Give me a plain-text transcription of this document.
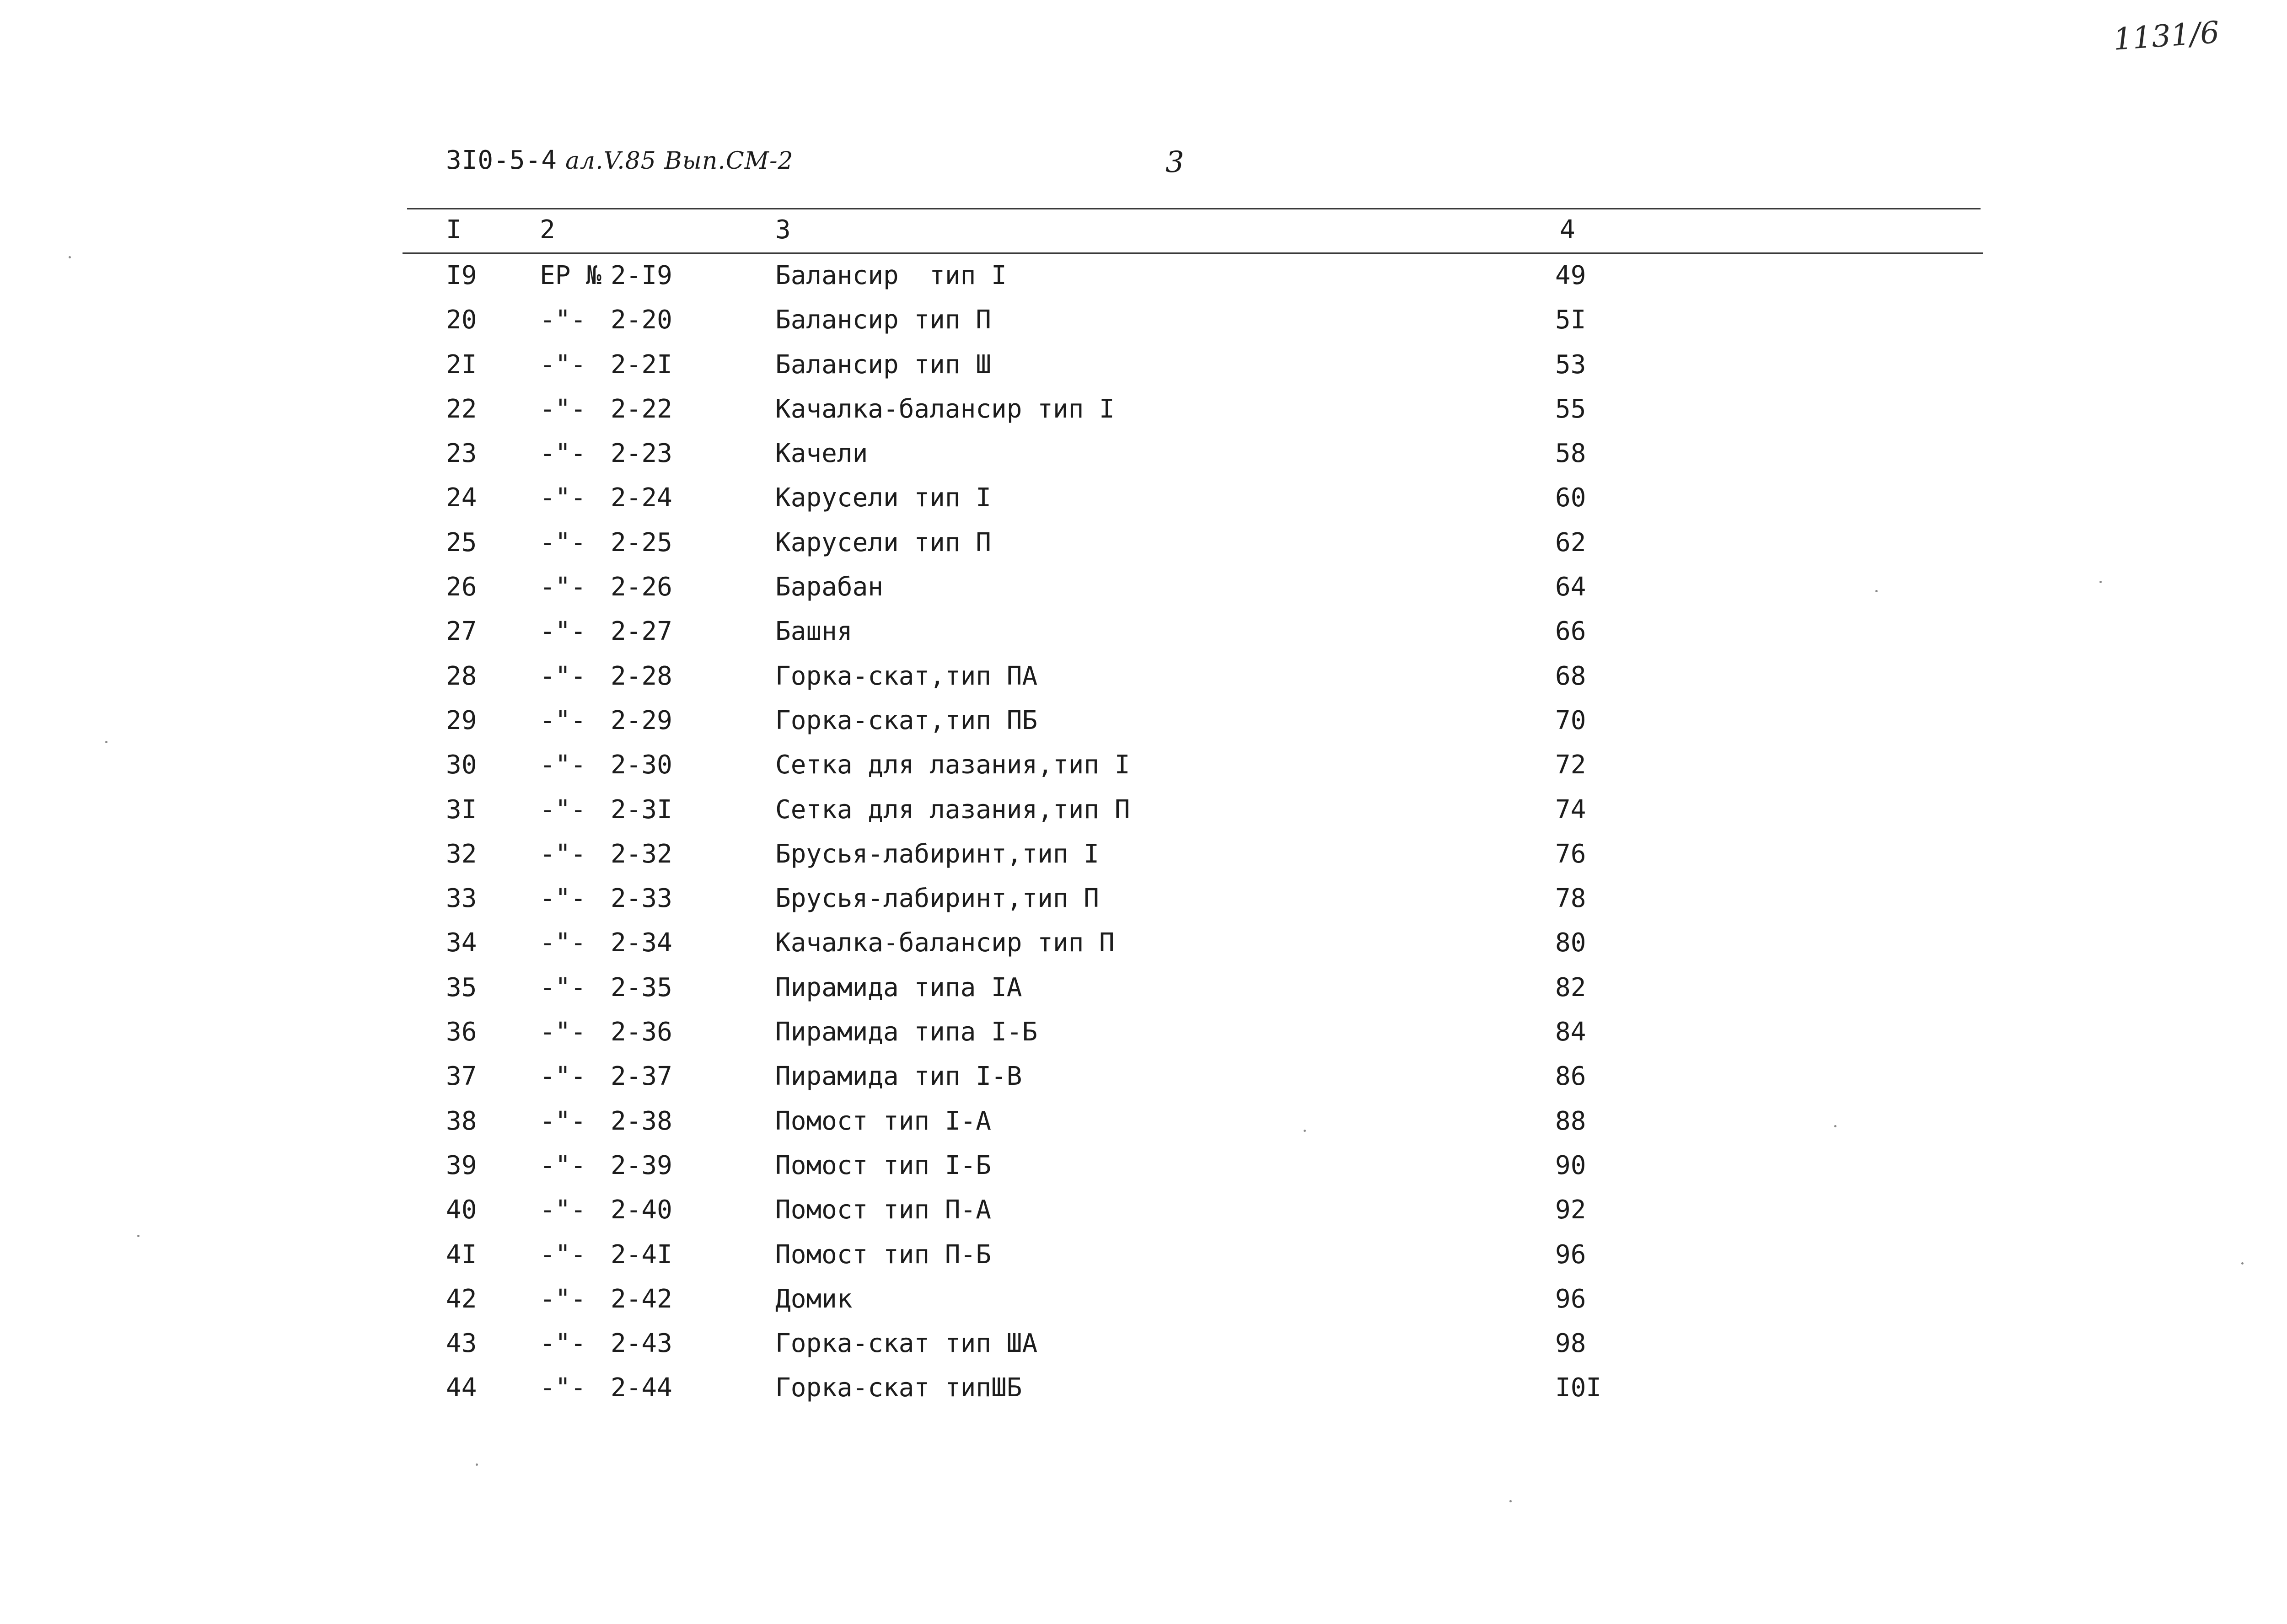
1131/6
3I0-5-4 ал.V.85 Вып.СМ-2	3
I	2	3	4
I9 ЕР № 2-I9	Балансир  тип I	49
20 -"- 2-20	Балансир тип П	5I
2I -"- 2-2I	Балансир тип Ш	53
22 -"- 2-22	Качалка-балансир тип I	55
23 -"- 2-23	Качели	58
24 -"- 2-24	Карусели тип I	60
25 -"- 2-25	Карусели тип П	62
26 -"- 2-26	Барабан	64
27 -"- 2-27	Башня	66
28 -"- 2-28	Горка-скат,тип ПА	68
29 -"- 2-29	Горка-скат,тип ПБ	70
30 -"- 2-30	Сетка для лазания,тип I	72
3I -"- 2-3I	Сетка для лазания,тип П	74
32 -"- 2-32	Брусья-лабиринт,тип I	76
33 -"- 2-33	Брусья-лабиринт,тип П	78
34 -"- 2-34	Качалка-балансир тип П	80
35 -"- 2-35	Пирамида типа IА	82
36 -"- 2-36	Пирамида типа I-Б	84
37 -"- 2-37	Пирамида тип I-В	86
38 -"- 2-38	Помост тип I-А	88
39 -"- 2-39	Помост тип I-Б	90
40 -"- 2-40	Помост тип П-А	92
4I -"- 2-4I	Помост тип П-Б	96
42 -"- 2-42	Домик	96
43 -"- 2-43	Горка-скат тип ША	98
44 -"- 2-44	Горка-скат типШБ	I0I
